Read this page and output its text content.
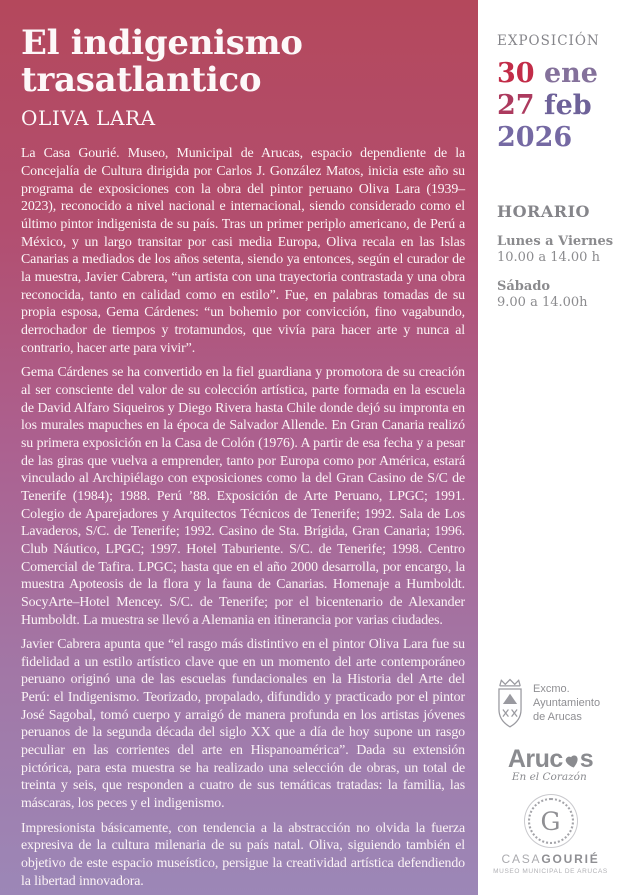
El indigenismo
trasatlantico
OLIVA LARA

La Casa Gourié. Museo, Municipal de Arucas, espacio dependiente de la Concejalía de Cultura dirigida por Carlos J. González Matos, inicia este año su programa de exposiciones con la obra del pintor peruano Oliva Lara (1939–2023), reconocido a nivel nacional e internacional, siendo considerado como el último pintor indigenista de su país. Tras un primer periplo americano, de Perú a México, y un largo transitar por casi media Europa, Oliva recala en las Islas Canarias a mediados de los años setenta, siendo ya entonces, según el curador de la muestra, Javier Cabrera, “un artista con una trayectoria contrastada y una obra reconocida, tanto en calidad como en estilo”. Fue, en palabras tomadas de su propia esposa, Gema Cárdenes: “un bohemio por convicción, fino vagabundo, derrochador de tiempos y trotamundos, que vivía para hacer arte y nunca al contrario, hacer arte para vivir”.

Gema Cárdenes se ha convertido en la fiel guardiana y promotora de su creación al ser consciente del valor de su colección artística, parte formada en la escuela de David Alfaro Siqueiros y Diego Rivera hasta Chile donde dejó su impronta en los murales mapuches en la época de Salvador Allende. En Gran Canaria realizó su primera exposición en la Casa de Colón (1976). A partir de esa fecha y a pesar de las giras que vuelva a emprender, tanto por Europa como por América, estará vinculado al Archipiélago con exposiciones como la del Gran Casino de S/C de Tenerife (1984); 1988. Perú ’88. Exposición de Arte Peruano, LPGC; 1991. Colegio de Aparejadores y Arquitectos Técnicos de Tenerife; 1992. Sala de Los Lavaderos, S/C. de Tenerife; 1992. Casino de Sta. Brígida, Gran Canaria; 1996. Club Náutico, LPGC; 1997. Hotel Taburiente. S/C. de Tenerife; 1998. Centro Comercial de Tafira. LPGC; hasta que en el año 2000 desarrolla, por encargo, la muestra Apoteosis de la flora y la fauna de Canarias. Homenaje a Humboldt. SocyArte–Hotel Mencey. S/C. de Tenerife; por el bicentenario de Alexander Humboldt. La muestra se llevó a Alemania en itinerancia por varias ciudades.

Javier Cabrera apunta que “el rasgo más distintivo en el pintor Oliva Lara fue su fidelidad a un estilo artístico clave que en un momento del arte contemporáneo peruano originó una de las escuelas fundacionales en la Historia del Arte del Perú: el Indigenismo. Teorizado, propalado, difundido y practicado por el pintor José Sagobal, tomó cuerpo y arraigó de manera profunda en los artistas jóvenes peruanos de la segunda década del siglo XX que a día de hoy supone un rasgo peculiar en las corrientes del arte en Hispanoamérica”. Dada su extensión pictórica, para esta muestra se ha realizado una selección de obras, un total de treinta y seis, que responden a cuatro de sus temáticas tratadas: la familia, las máscaras, los peces y el indigenismo.

Impresionista básicamente, con tendencia a la abstracción no olvida la fuerza expresiva de la cultura milenaria de su país natal. Oliva, siguiendo también el objetivo de este espacio museístico, persigue la creatividad artística defendiendo la libertad innovadora.

EXPOSICIÓN
30 ene
27 feb
2026
HORARIO
Lunes a Viernes
10.00 a 14.00 h
Sábado
9.00 a 14.00h
Excmo. Ayuntamiento de Arucas
Aruc s
En el Corazón
G
CASAGOURIÉ
MUSEO MUNICIPAL DE ARUCAS
